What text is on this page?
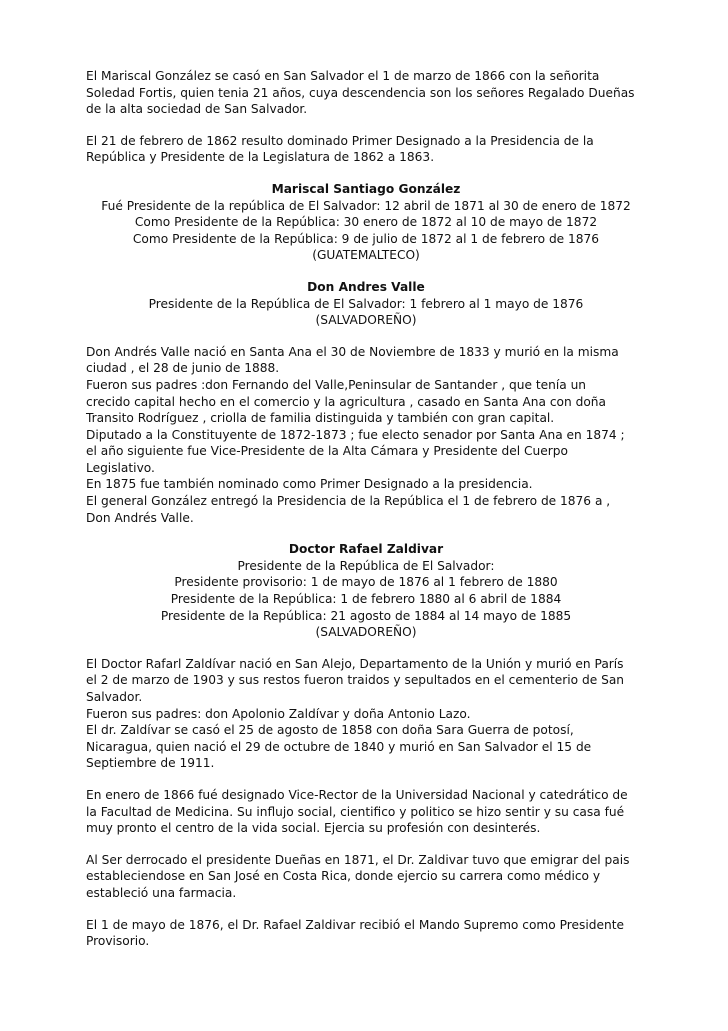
El Mariscal González se casó en San Salvador el 1 de marzo de 1866 con la señorita
Soledad Fortis, quien tenia 21 años, cuya descendencia son los señores Regalado Dueñas
de la alta sociedad de San Salvador.

El 21 de febrero de 1862 resulto dominado Primer Designado a la Presidencia de la
República y Presidente de la Legislatura de 1862 a 1863.

Mariscal Santiago González
Fué Presidente de la república de El Salvador: 12 abril de 1871 al 30 de enero de 1872
Como Presidente de la República: 30 enero de 1872 al 10 de mayo de 1872
Como Presidente de la República: 9 de julio de 1872 al 1 de febrero de 1876
(GUATEMALTECO)
Don Andres Valle
Presidente de la República de El Salvador: 1 febrero al 1 mayo de 1876
(SALVADOREÑO)

Don Andrés Valle nació en Santa Ana el 30 de Noviembre de 1833 y murió en la misma
ciudad , el 28 de junio de 1888.
Fueron sus padres :don Fernando del Valle,Peninsular de Santander , que tenía un
crecido capital hecho en el comercio y la agricultura , casado en Santa Ana con doña
Transito Rodríguez , criolla de familia distinguida y también con gran capital.
Diputado a la Constituyente de 1872-1873 ; fue electo senador por Santa Ana en 1874 ;
el año siguiente fue Vice-Presidente de la Alta Cámara y Presidente del Cuerpo
Legislativo.
En 1875 fue también nominado como Primer Designado a la presidencia.
El general González entregó la Presidencia de la República el 1 de febrero de 1876 a ,
Don Andrés Valle.

Doctor Rafael Zaldivar
Presidente de la República de El Salvador:
Presidente provisorio: 1 de mayo de 1876 al 1 febrero de 1880
Presidente de la República: 1 de febrero 1880 al 6 abril de 1884
Presidente de la República: 21 agosto de 1884 al 14 mayo de 1885
(SALVADOREÑO)

El Doctor Rafarl Zaldívar nació en San Alejo, Departamento de la Unión y murió en París
el 2 de marzo de 1903 y sus restos fueron traidos y sepultados en el cementerio de San
Salvador.
Fueron sus padres: don Apolonio Zaldívar y doña Antonio Lazo.
El dr. Zaldívar se casó el 25 de agosto de 1858 con doña Sara Guerra de potosí,
Nicaragua, quien nació el 29 de octubre de 1840 y murió en San Salvador el 15 de
Septiembre de 1911.

En enero de 1866 fué designado Vice-Rector de la Universidad Nacional y catedrático de
la Facultad de Medicina. Su influjo social, cientifico y politico se hizo sentir y su casa fué
muy pronto el centro de la vida social. Ejercia su profesión con desinterés.

Al Ser derrocado el presidente Dueñas en 1871, el Dr. Zaldivar tuvo que emigrar del pais
estableciendose en San José en Costa Rica, donde ejercio su carrera como médico y
estableció una farmacia.

El 1 de mayo de 1876, el Dr. Rafael Zaldivar recibió el Mando Supremo como Presidente
Provisorio.
